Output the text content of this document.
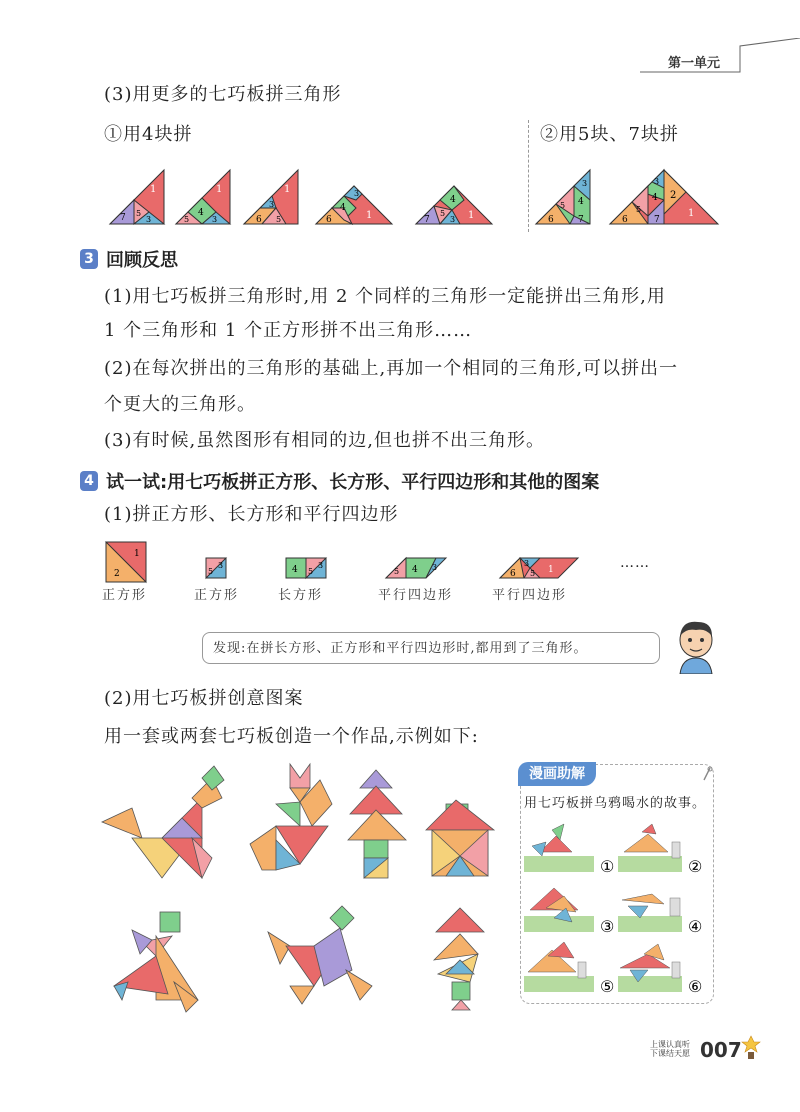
第一单元
(3)用更多的七巧板拼三角形
①用4块拼	②用5块、7块拼
1
7 5
3
1
4
5	3
1
6
3
5	1
4
3
6	1
4
7
5
3
3
4
5
6	7
1
2
3
4
5
6	7
3 回顾反思
(1)用七巧板拼三角形时,用 2 个同样的三角形一定能拼出三角形,用
1 个三角形和 1 个正方形拼不出三角形……
(2)在每次拼出的三角形的基础上,再加一个相同的三角形,可以拼出一
个更大的三角形。
(3)有时候,虽然图形有相同的边,但也拼不出三角形。
4 试一试:用七巧板拼正方形、长方形、平行四边形和其他的图案
(1)拼正方形、长方形和平行四边形
1
2	5
3	4 5
3
5 4 3	3
6 5 1
正方形	正方形	长方形	平行四边形	平行四边形
……
发现:在拼长方形、正方形和平行四边形时,都用到了三角形。
(2)用七巧板拼创意图案
用一套或两套七巧板创造一个作品,示例如下:
漫画助解
用七巧板拼乌鸦喝水的故事。
①	②
③	④
⑤	⑥
上课认真听
下课结天愿 007
